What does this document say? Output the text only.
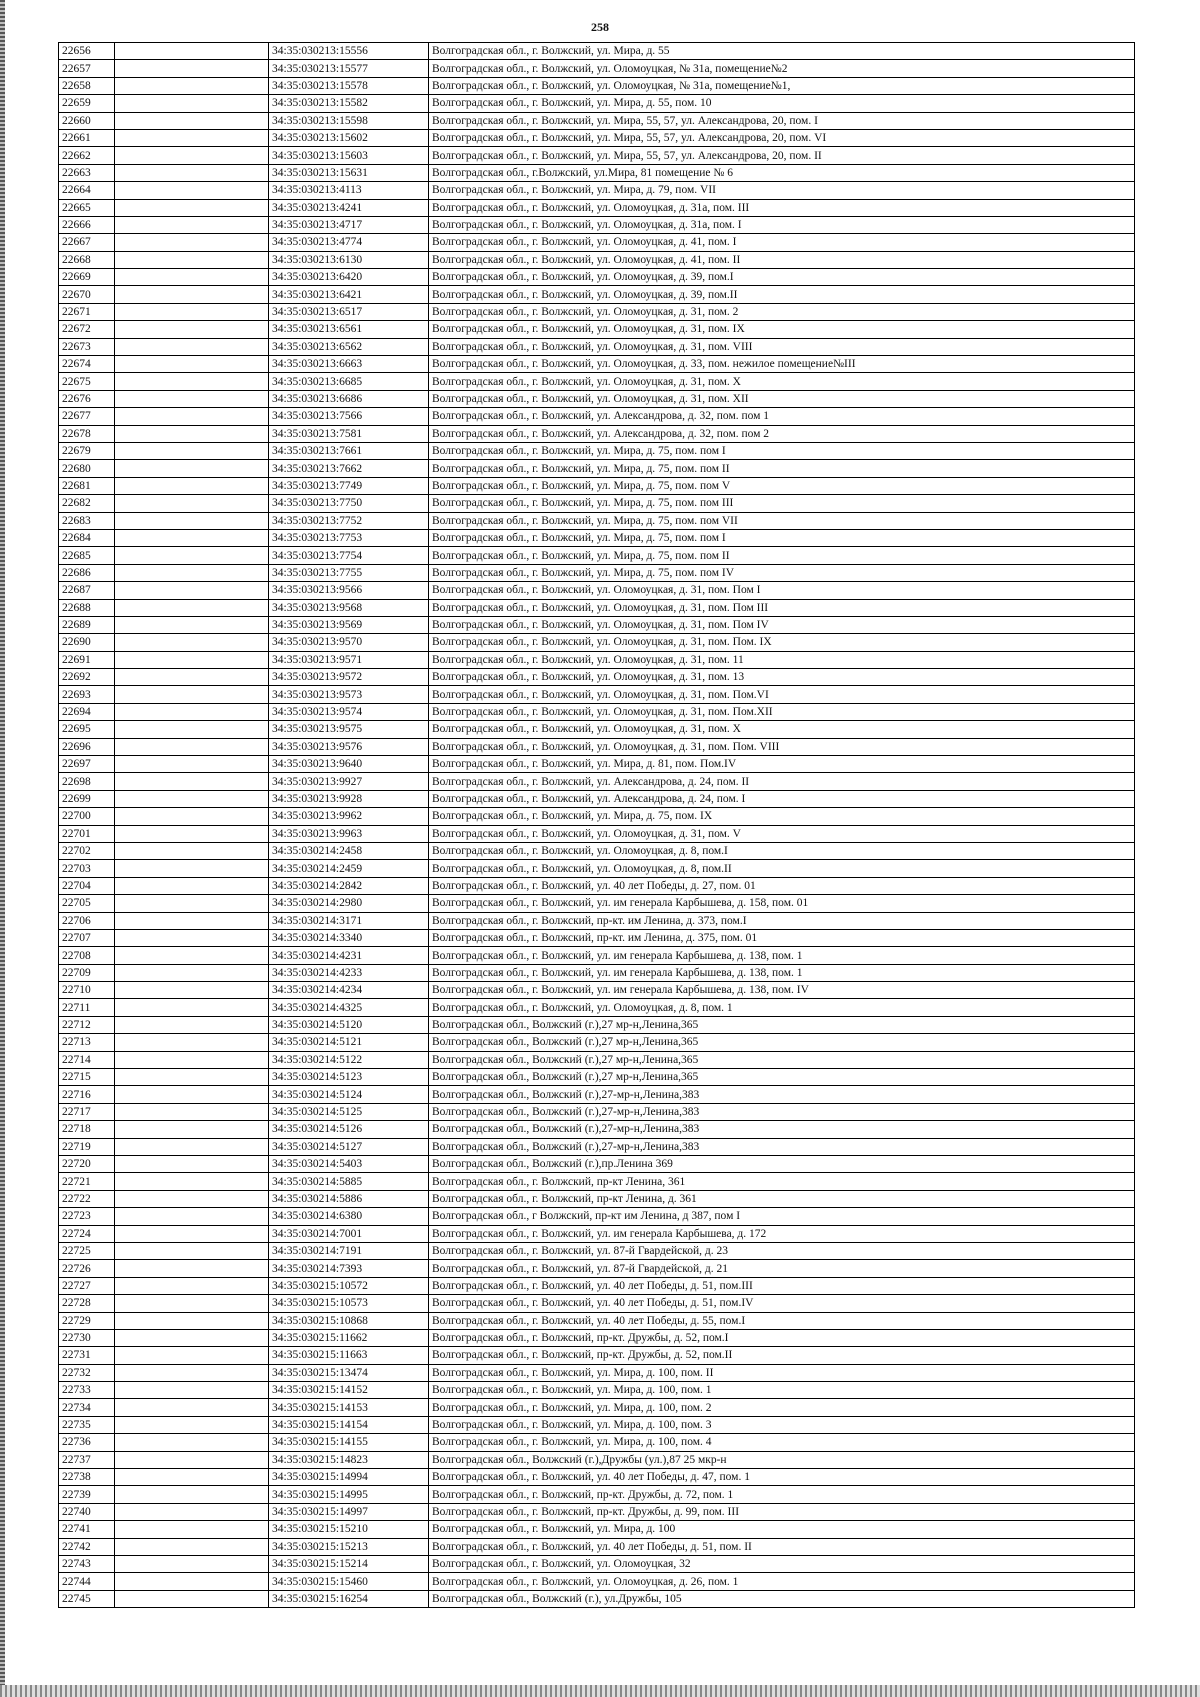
258
22656		34:35:030213:15556	Волгоградская обл., г. Волжский, ул. Мира, д. 55
22657		34:35:030213:15577	Волгоградская обл., г. Волжский, ул. Оломоуцкая, № 31а, помещение№2
22658		34:35:030213:15578	Волгоградская обл., г. Волжский, ул. Оломоуцкая, № 31а, помещение№1,
22659		34:35:030213:15582	Волгоградская обл., г. Волжский, ул. Мира, д. 55, пом. 10
22660		34:35:030213:15598	Волгоградская обл., г. Волжский, ул. Мира, 55, 57, ул. Александрова, 20, пом. I
22661		34:35:030213:15602	Волгоградская обл., г. Волжский, ул. Мира, 55, 57, ул. Александрова, 20, пом. VI
22662		34:35:030213:15603	Волгоградская обл., г. Волжский, ул. Мира, 55, 57, ул. Александрова, 20, пом. II
22663		34:35:030213:15631	Волгоградская обл., г.Волжский, ул.Мира, 81 помещение № 6
22664		34:35:030213:4113	Волгоградская обл., г. Волжский, ул. Мира, д. 79, пом. VII
22665		34:35:030213:4241	Волгоградская обл., г. Волжский, ул. Оломоуцкая, д. 31а, пом. III
22666		34:35:030213:4717	Волгоградская обл., г. Волжский, ул. Оломоуцкая, д. 31а, пом. I
22667		34:35:030213:4774	Волгоградская обл., г. Волжский, ул. Оломоуцкая, д. 41, пом. I
22668		34:35:030213:6130	Волгоградская обл., г. Волжский, ул. Оломоуцкая, д. 41, пом. II
22669		34:35:030213:6420	Волгоградская обл., г. Волжский, ул. Оломоуцкая, д. 39, пом.I
22670		34:35:030213:6421	Волгоградская обл., г. Волжский, ул. Оломоуцкая, д. 39, пом.II
22671		34:35:030213:6517	Волгоградская обл., г. Волжский, ул. Оломоуцкая, д. 31, пом. 2
22672		34:35:030213:6561	Волгоградская обл., г. Волжский, ул. Оломоуцкая, д. 31, пом. IX
22673		34:35:030213:6562	Волгоградская обл., г. Волжский, ул. Оломоуцкая, д. 31, пом. VIII
22674		34:35:030213:6663	Волгоградская обл., г. Волжский, ул. Оломоуцкая, д. 33, пом. нежилое помещение№III
22675		34:35:030213:6685	Волгоградская обл., г. Волжский, ул. Оломоуцкая, д. 31, пом. X
22676		34:35:030213:6686	Волгоградская обл., г. Волжский, ул. Оломоуцкая, д. 31, пом. XII
22677		34:35:030213:7566	Волгоградская обл., г. Волжский, ул. Александрова, д. 32, пом. пом 1
22678		34:35:030213:7581	Волгоградская обл., г. Волжский, ул. Александрова, д. 32, пом. пом 2
22679		34:35:030213:7661	Волгоградская обл., г. Волжский, ул. Мира, д. 75, пом. пом I
22680		34:35:030213:7662	Волгоградская обл., г. Волжский, ул. Мира, д. 75, пом. пом II
22681		34:35:030213:7749	Волгоградская обл., г. Волжский, ул. Мира, д. 75, пом. пом V
22682		34:35:030213:7750	Волгоградская обл., г. Волжский, ул. Мира, д. 75, пом. пом III
22683		34:35:030213:7752	Волгоградская обл., г. Волжский, ул. Мира, д. 75, пом. пом VII
22684		34:35:030213:7753	Волгоградская обл., г. Волжский, ул. Мира, д. 75, пом. пом I
22685		34:35:030213:7754	Волгоградская обл., г. Волжский, ул. Мира, д. 75, пом. пом II
22686		34:35:030213:7755	Волгоградская обл., г. Волжский, ул. Мира, д. 75, пом. пом IV
22687		34:35:030213:9566	Волгоградская обл., г. Волжский, ул. Оломоуцкая, д. 31, пом. Пом I
22688		34:35:030213:9568	Волгоградская обл., г. Волжский, ул. Оломоуцкая, д. 31, пом. Пом III
22689		34:35:030213:9569	Волгоградская обл., г. Волжский, ул. Оломоуцкая, д. 31, пом. Пом IV
22690		34:35:030213:9570	Волгоградская обл., г. Волжский, ул. Оломоуцкая, д. 31, пом. Пом. IX
22691		34:35:030213:9571	Волгоградская обл., г. Волжский, ул. Оломоуцкая, д. 31, пом. 11
22692		34:35:030213:9572	Волгоградская обл., г. Волжский, ул. Оломоуцкая, д. 31, пом. 13
22693		34:35:030213:9573	Волгоградская обл., г. Волжский, ул. Оломоуцкая, д. 31, пом. Пом.VI
22694		34:35:030213:9574	Волгоградская обл., г. Волжский, ул. Оломоуцкая, д. 31, пом. Пом.XII
22695		34:35:030213:9575	Волгоградская обл., г. Волжский, ул. Оломоуцкая, д. 31, пом. X
22696		34:35:030213:9576	Волгоградская обл., г. Волжский, ул. Оломоуцкая, д. 31, пом. Пом. VIII
22697		34:35:030213:9640	Волгоградская обл., г. Волжский, ул. Мира, д. 81, пом. Пом.IV
22698		34:35:030213:9927	Волгоградская обл., г. Волжский, ул. Александрова, д. 24, пом. II
22699		34:35:030213:9928	Волгоградская обл., г. Волжский, ул. Александрова, д. 24, пом. I
22700		34:35:030213:9962	Волгоградская обл., г. Волжский, ул. Мира, д. 75, пом. IX
22701		34:35:030213:9963	Волгоградская обл., г. Волжский, ул. Оломоуцкая, д. 31, пом. V
22702		34:35:030214:2458	Волгоградская обл., г. Волжский, ул. Оломоуцкая, д. 8, пом.I
22703		34:35:030214:2459	Волгоградская обл., г. Волжский, ул. Оломоуцкая, д. 8, пом.II
22704		34:35:030214:2842	Волгоградская обл., г. Волжский, ул. 40 лет Победы, д. 27, пом. 01
22705		34:35:030214:2980	Волгоградская обл., г. Волжский, ул. им генерала Карбышева, д. 158, пом. 01
22706		34:35:030214:3171	Волгоградская обл., г. Волжский, пр-кт. им Ленина, д. 373, пом.I
22707		34:35:030214:3340	Волгоградская обл., г. Волжский, пр-кт. им Ленина, д. 375, пом. 01
22708		34:35:030214:4231	Волгоградская обл., г. Волжский, ул. им генерала Карбышева, д. 138, пом. 1
22709		34:35:030214:4233	Волгоградская обл., г. Волжский, ул. им генерала Карбышева, д. 138, пом. 1
22710		34:35:030214:4234	Волгоградская обл., г. Волжский, ул. им генерала Карбышева, д. 138, пом. IV
22711		34:35:030214:4325	Волгоградская обл., г. Волжский, ул. Оломоуцкая, д. 8, пом. 1
22712		34:35:030214:5120	Волгоградская обл., Волжский (г.),27 мр-н,Ленина,365
22713		34:35:030214:5121	Волгоградская обл., Волжский (г.),27 мр-н,Ленина,365
22714		34:35:030214:5122	Волгоградская обл., Волжский (г.),27 мр-н,Ленина,365
22715		34:35:030214:5123	Волгоградская обл., Волжский (г.),27 мр-н,Ленина,365
22716		34:35:030214:5124	Волгоградская обл., Волжский (г.),27-мр-н,Ленина,383
22717		34:35:030214:5125	Волгоградская обл., Волжский (г.),27-мр-н,Ленина,383
22718		34:35:030214:5126	Волгоградская обл., Волжский (г.),27-мр-н,Ленина,383
22719		34:35:030214:5127	Волгоградская обл., Волжский (г.),27-мр-н,Ленина,383
22720		34:35:030214:5403	Волгоградская обл., Волжский (г.),пр.Ленина 369
22721		34:35:030214:5885	Волгоградская обл., г. Волжский, пр-кт Ленина, 361
22722		34:35:030214:5886	Волгоградская обл., г. Волжский, пр-кт Ленина, д. 361
22723		34:35:030214:6380	Волгоградская обл., г Волжский, пр-кт им Ленина, д 387, пом I
22724		34:35:030214:7001	Волгоградская обл., г. Волжский, ул. им генерала Карбышева, д. 172
22725		34:35:030214:7191	Волгоградская обл., г. Волжский, ул. 87-й Гвардейской, д. 23
22726		34:35:030214:7393	Волгоградская обл., г. Волжский, ул. 87-й Гвардейской, д. 21
22727		34:35:030215:10572	Волгоградская обл., г. Волжский, ул. 40 лет Победы, д. 51, пом.III
22728		34:35:030215:10573	Волгоградская обл., г. Волжский, ул. 40 лет Победы, д. 51, пом.IV
22729		34:35:030215:10868	Волгоградская обл., г. Волжский, ул. 40 лет Победы, д. 55, пом.I
22730		34:35:030215:11662	Волгоградская обл., г. Волжский, пр-кт. Дружбы, д. 52, пом.I
22731		34:35:030215:11663	Волгоградская обл., г. Волжский, пр-кт. Дружбы, д. 52, пом.II
22732		34:35:030215:13474	Волгоградская обл., г. Волжский, ул. Мира, д. 100, пом. II
22733		34:35:030215:14152	Волгоградская обл., г. Волжский, ул. Мира, д. 100, пом. 1
22734		34:35:030215:14153	Волгоградская обл., г. Волжский, ул. Мира, д. 100, пом. 2
22735		34:35:030215:14154	Волгоградская обл., г. Волжский, ул. Мира, д. 100, пом. 3
22736		34:35:030215:14155	Волгоградская обл., г. Волжский, ул. Мира, д. 100, пом. 4
22737		34:35:030215:14823	Волгоградская обл., Волжский (г.),Дружбы (ул.),87 25 мкр-н
22738		34:35:030215:14994	Волгоградская обл., г. Волжский, ул. 40 лет Победы, д. 47, пом. 1
22739		34:35:030215:14995	Волгоградская обл., г. Волжский, пр-кт. Дружбы, д. 72, пом. 1
22740		34:35:030215:14997	Волгоградская обл., г. Волжский, пр-кт. Дружбы, д. 99, пом. III
22741		34:35:030215:15210	Волгоградская обл., г. Волжский, ул. Мира, д. 100
22742		34:35:030215:15213	Волгоградская обл., г. Волжский, ул. 40 лет Победы, д. 51, пом. II
22743		34:35:030215:15214	Волгоградская обл., г. Волжский, ул. Оломоуцкая, 32
22744		34:35:030215:15460	Волгоградская обл., г. Волжский, ул. Оломоуцкая, д. 26, пом. 1
22745		34:35:030215:16254	Волгоградская обл., Волжский (г.), ул.Дружбы, 105
